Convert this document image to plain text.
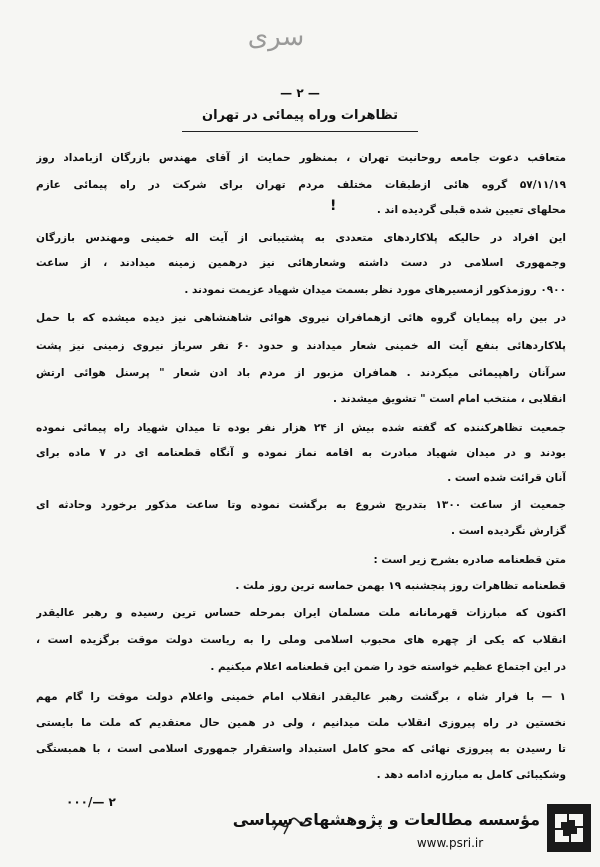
سری
— ۲ —
تظاهرات وراه پیمائی در تهران
متعاقب دعوت جامعه روحانیت تهران ، بمنظور حمایت از آقای مهندس بازرگان ازبامداد روز
۵۷/۱۱/۱۹ گروه هائی ازطبقات مختلف مردم تهران برای شرکت در راه پیمائی عازم
محلهای تعیین شده قبلی گردیده اند .
!
این افراد در حالیکه پلاکاردهای متعددی به پشتیبانی از آیت اله خمینی ومهندس بازرگان
وجمهوری اسلامی در دست داشته وشعارهائی نیز درهمین زمینه میدادند ، از ساعت
۰۹۰۰ روزمذکور ازمسیرهای مورد نظر بسمت میدان شهیاد عزیمت نمودند .
در بین راه پیمایان گروه هائی ازهمافران نیروی هوائی شاهنشاهی نیز دیده میشده که با حمل
پلاکاردهائی بنفع آیت اله خمینی شعار میدادند و حدود ۶۰ نفر سرباز نیروی زمینی نیز پشت
سرآنان راهپیمائی میکردند . همافران مزبور از مردم باد ادن شعار " پرسنل هوائی ارتش
انقلابی ، منتخب امام است " تشویق میشدند .
جمعیت تظاهرکننده که گفته شده بیش از ۲۴ هزار نفر بوده تا میدان شهیاد راه پیمائی نموده
بودند و در میدان شهیاد مبادرت به اقامه نماز نموده و آنگاه قطعنامه ای در ۷ ماده برای
آنان قرائت شده است .
جمعیت از ساعت ۱۳۰۰ بتدریج شروع به برگشت نموده وتا ساعت مذکور برخورد وحادثه ای
گزارش نگردیده است .
متن قطعنامه صادره بشرح زیر است :
قطعنامه تظاهرات روز پنجشنبه ۱۹ بهمن حماسه ترین روز ملت .
اکنون که مبارزات قهرمانانه ملت مسلمان ایران بمرحله حساس ترین رسیده و رهبر عالیقدر
انقلاب که یکی از چهره های محبوب اسلامی وملی را به ریاست دولت موقت برگزیده است ،
در این اجتماع عظیم خواسته خود را ضمن این قطعنامه اعلام میکنیم .
۱ — با فرار شاه ، برگشت رهبر عالیقدر انقلاب امام خمینی واعلام دولت موقت را گام مهم
نخستین در راه پیروزی انقلاب ملت میدانیم ، ولی در همین حال معتقدیم که ملت ما بایستی
تا رسیدن به پیروزی نهائی که محو کامل استبداد واستقرار جمهوری اسلامی است ، با همبستگی
وشکیبائی کامل به مبارزه ادامه دهد .
۰۰۰/— ۲
مؤسسه مطالعات و پژوهشهای سیاسی
www.psri.ir
